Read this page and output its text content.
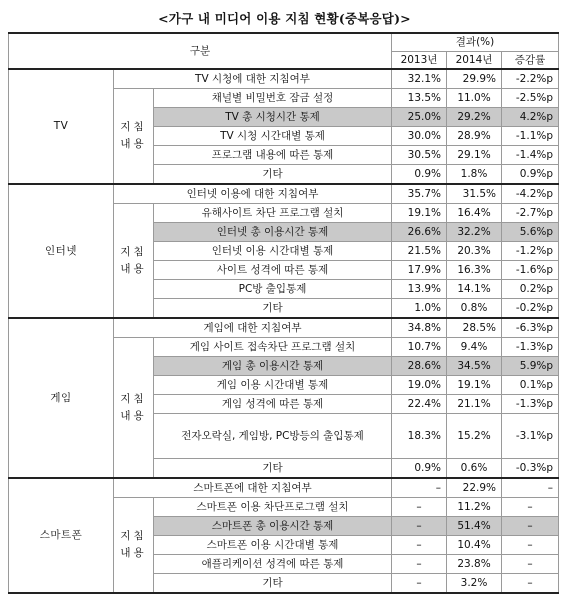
<가구 내 미디어 이용 지침 현황(중복응답)>
구분			결과(%)		
			2013년	2014년	증감률
TV	TV 시청에 대한 지침여부		32.1%	29.9%	-2.2%p
	지침 내용	채널별 비밀번호 잠금 설정	13.5%	11.0%	-2.5%p
		TV 총 시청시간 통제	25.0%	29.2%	4.2%p
		TV 시청 시간대별 통제	30.0%	28.9%	-1.1%p
		프로그램 내용에 따른 통제	30.5%	29.1%	-1.4%p
		기타	0.9%	1.8%	0.9%p
인터넷	인터넷 이용에 대한 지침여부		35.7%	31.5%	-4.2%p
	지침 내용	유해사이트 차단 프로그램 설치	19.1%	16.4%	-2.7%p
		인터넷 총 이용시간 통제	26.6%	32.2%	5.6%p
		인터넷 이용 시간대별 통제	21.5%	20.3%	-1.2%p
		사이트 성격에 따른 통제	17.9%	16.3%	-1.6%p
		PC방 출입통제	13.9%	14.1%	0.2%p
		기타	1.0%	0.8%	-0.2%p
게임	게임에 대한 지침여부		34.8%	28.5%	-6.3%p
	지침 내용	게임 사이트 접속차단 프로그램 설치	10.7%	9.4%	-1.3%p
		게임 총 이용시간 통제	28.6%	34.5%	5.9%p
		게임 이용 시간대별 통제	19.0%	19.1%	0.1%p
		게임 성격에 따른 통제	22.4%	21.1%	-1.3%p
		전자오락실, 게임방, PC방등의 출입통제	18.3%	15.2%	-3.1%p
		기타	0.9%	0.6%	-0.3%p
스마트폰	스마트폰에 대한 지침여부		–	22.9%	–
	지침 내용	스마트폰 이용 차단프로그램 설치	–	11.2%	–
		스마트폰 총 이용시간 통제	–	51.4%	–
		스마트폰 이용 시간대별 통제	–	10.4%	–
		애플리케이션 성격에 따른 통제	–	23.8%	–
		기타	–	3.2%	–
